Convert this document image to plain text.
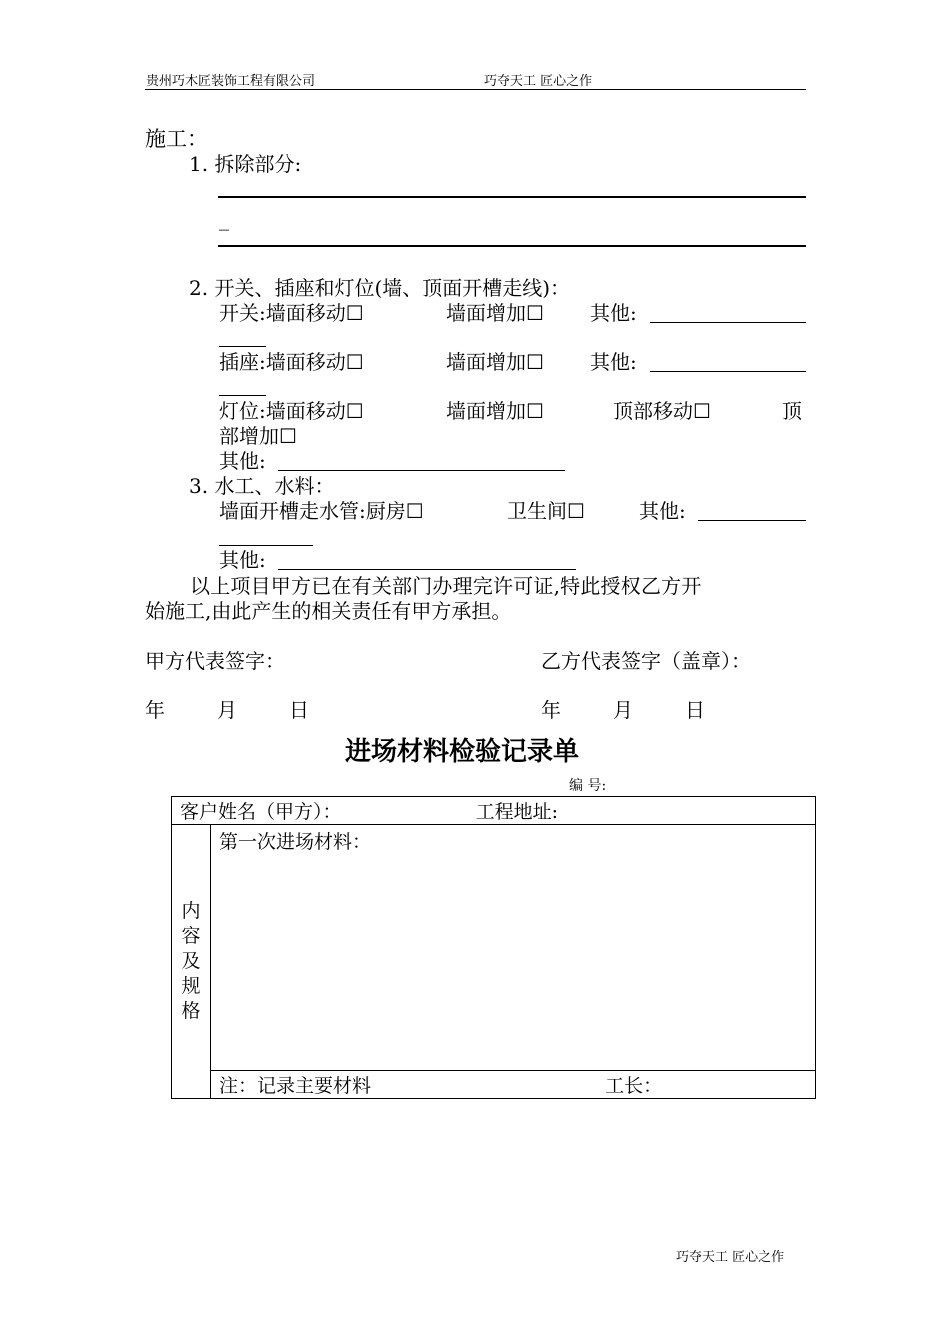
贵州巧木匠装饰工程有限公司	巧夺天工 匠心之作
施工：
1. 拆除部分:
_
2. 开关、插座和灯位(墙、顶面开槽走线)：
开关:墙面移动☐	墙面增加☐ 其他:
插座:墙面移动☐	墙面增加☐ 其他:
灯位:墙面移动☐	墙面增加☐	顶部移动☐	顶
部增加☐
其他:
3. 水工、水料：
墙面开槽走水管:厨房☐	卫生间☐	其他:
其他:
以上项目甲方已在有关部门办理完许可证,特此授权乙方开
始施工,由此产生的相关责任有甲方承担。
甲方代表签字：	乙方代表签字（盖章）：
年	月	日	年	月	日
进场材料检验记录单
编 号:
客户姓名（甲方）：	工程地址:

内
容
及
规
格
	第一次进场材料：
注：记录主要材料	工长：
巧夺天工 匠心之作
